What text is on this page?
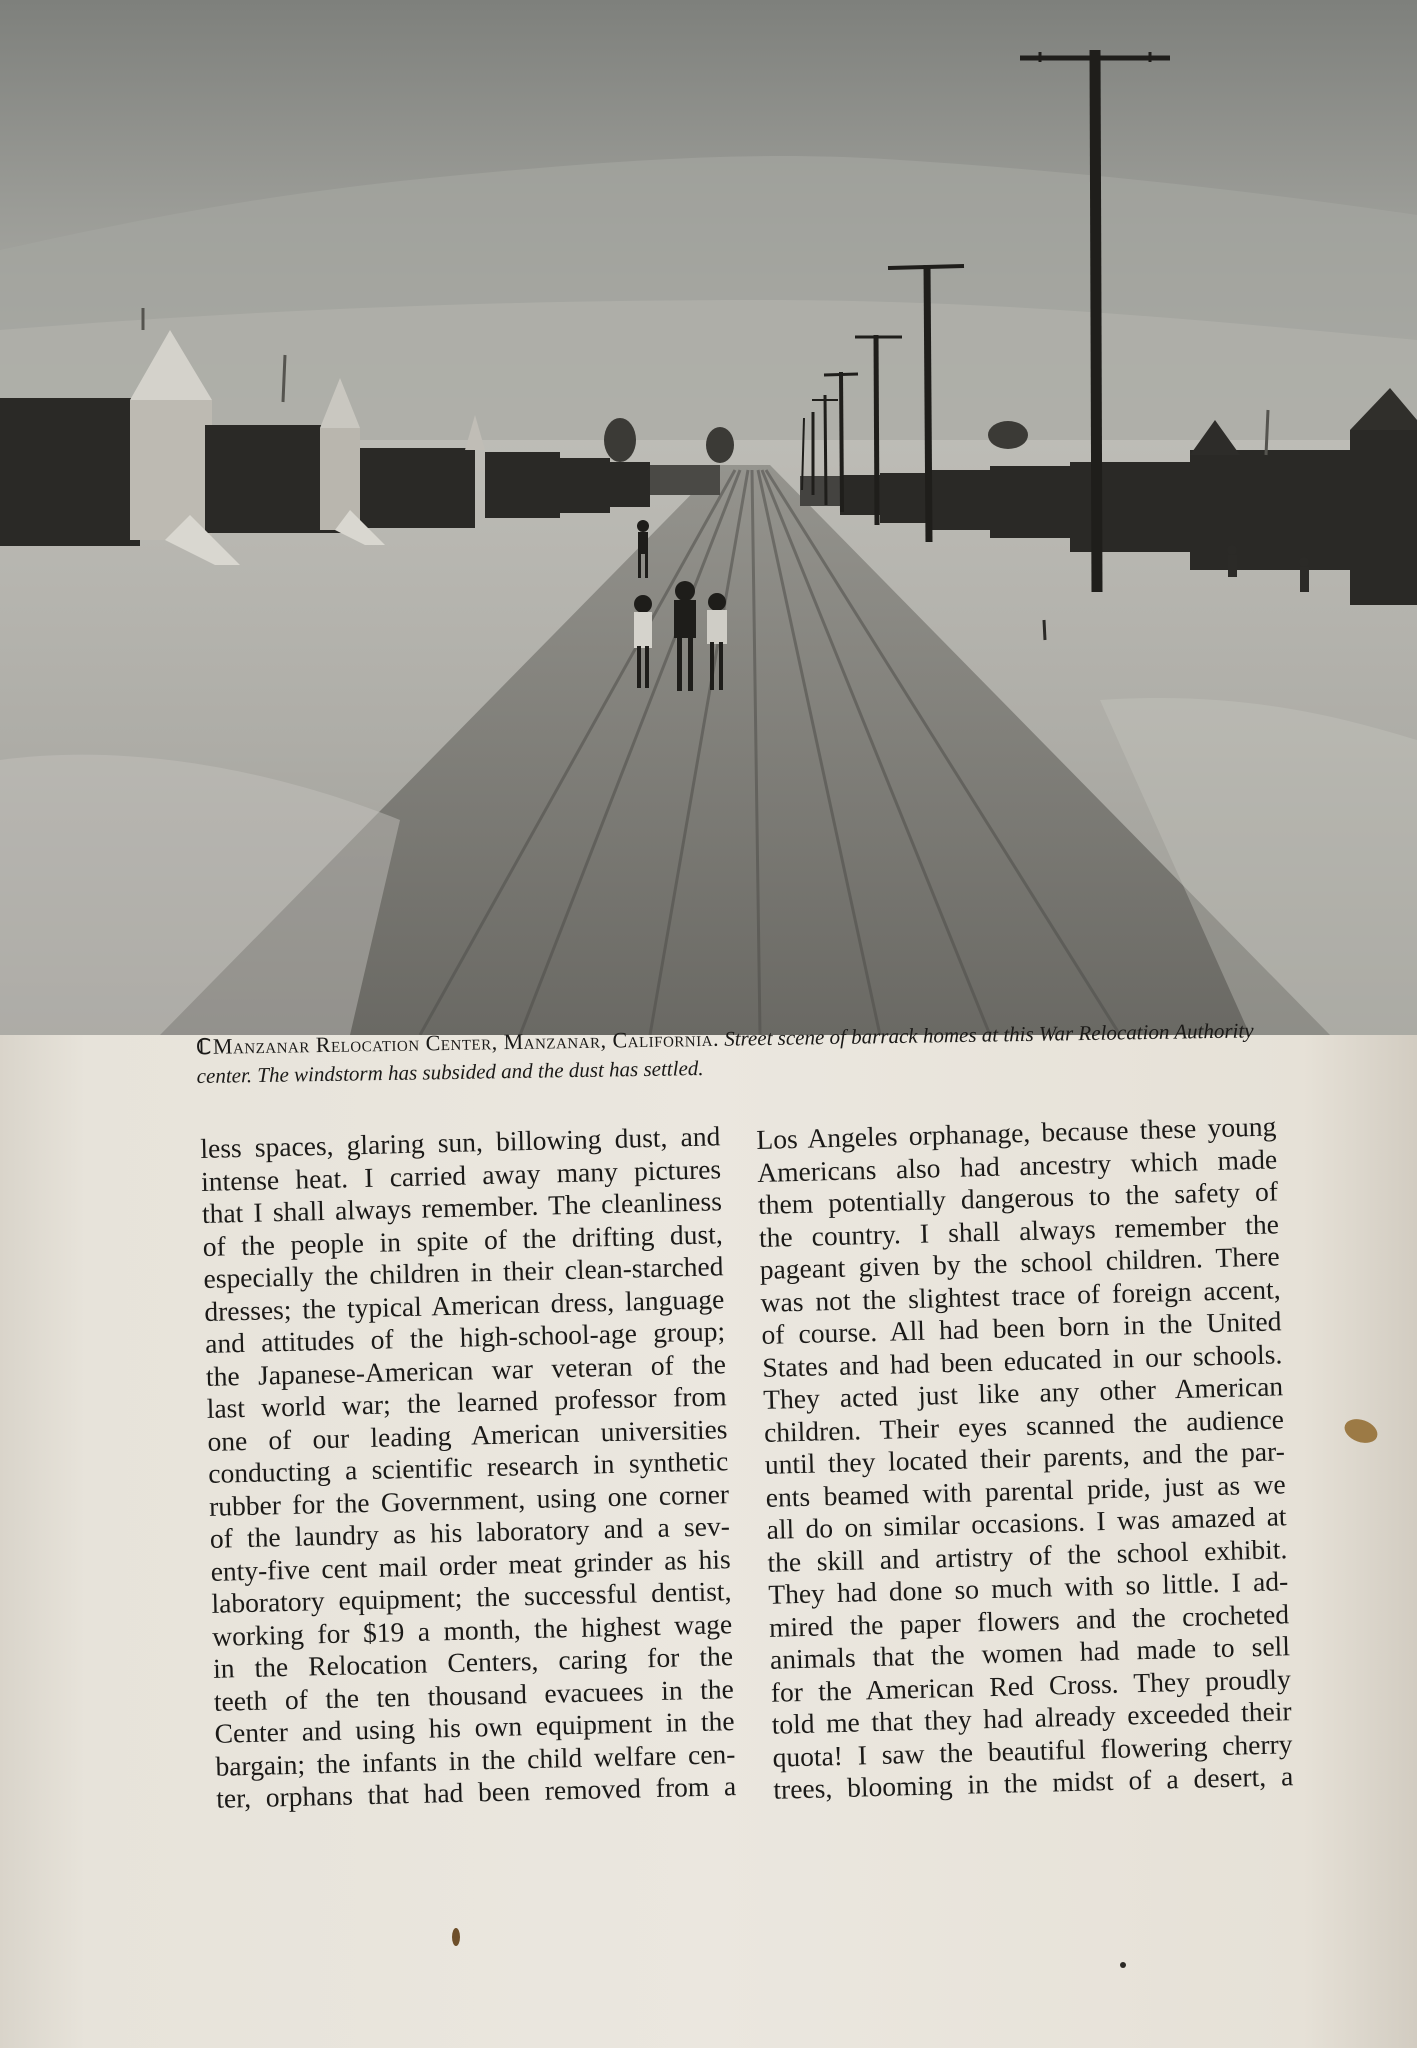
ℂManzanar Relocation Center, Manzanar, California. Street scene of barrack homes at this War Relocation Authority center. The windstorm has subsided and the dust has settled.
less spaces, glaring sun, billowing dust, and
intense heat. I carried away many pictures
that I shall always remember. The cleanliness
of the people in spite of the drifting dust,
especially the children in their clean-starched
dresses; the typical American dress, language
and attitudes of the high-school-age group;
the Japanese-American war veteran of the
last world war; the learned professor from
one of our leading American universities
conducting a scientific research in synthetic
rubber for the Government, using one corner
of the laundry as his laboratory and a sev-
enty-five cent mail order meat grinder as his
laboratory equipment; the successful dentist,
working for $19 a month, the highest wage
in the Relocation Centers, caring for the
teeth of the ten thousand evacuees in the
Center and using his own equipment in the
bargain; the infants in the child welfare cen-
ter, orphans that had been removed from a
Los Angeles orphanage, because these young
Americans also had ancestry which made
them potentially dangerous to the safety of
the country. I shall always remember the
pageant given by the school children. There
was not the slightest trace of foreign accent,
of course. All had been born in the United
States and had been educated in our schools.
They acted just like any other American
children. Their eyes scanned the audience
until they located their parents, and the par-
ents beamed with parental pride, just as we
all do on similar occasions. I was amazed at
the skill and artistry of the school exhibit.
They had done so much with so little. I ad-
mired the paper flowers and the crocheted
animals that the women had made to sell
for the American Red Cross. They proudly
told me that they had already exceeded their
quota! I saw the beautiful flowering cherry
trees, blooming in the midst of a desert, a
